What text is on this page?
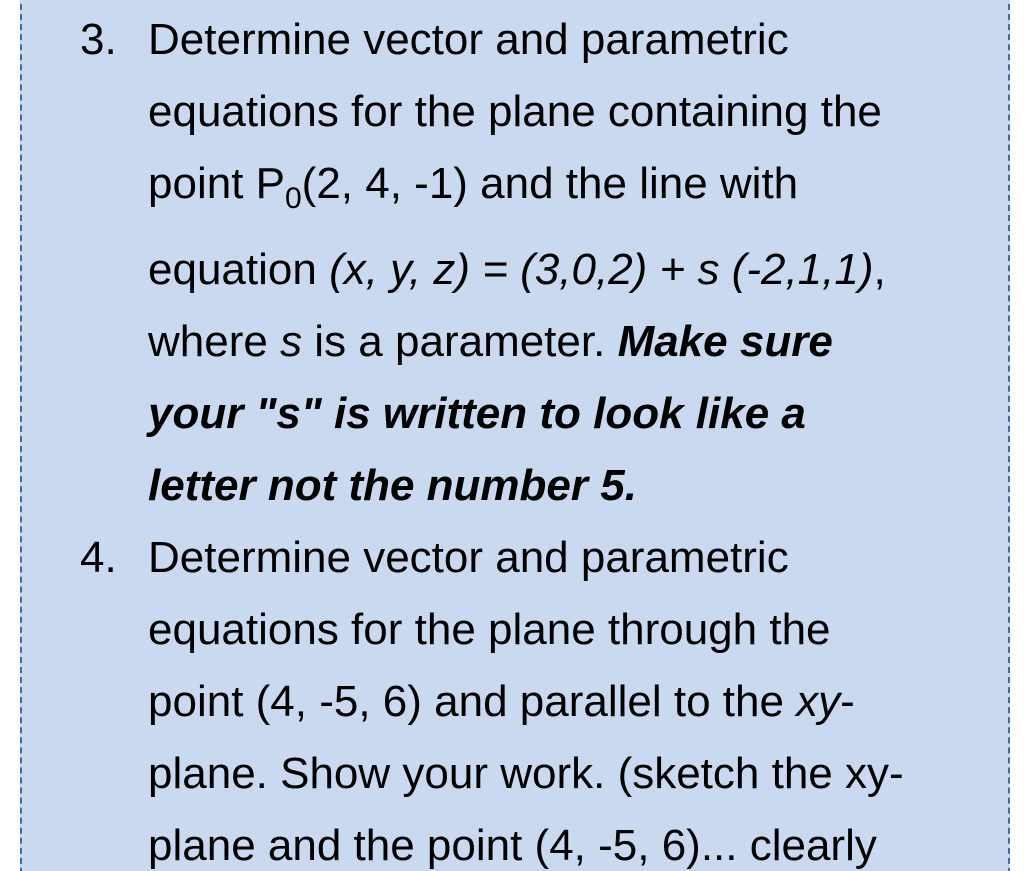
3. Determine vector and parametric
equations for the plane containing the
point $P_0(2$, 4, -1) and the line with
equation (x, y, z) = (3,0,2) + s (-2,1,1),
where s is a parameter. Make sure
your "s" is written to look like a
letter not the number 5.
4. Determine vector and parametric
equations for the plane through the
point (4, -5, 6) and parallel to the xy-
plane. Show your work. (sketch the xy-
plane and the point (4, -5, 6)... clearly
